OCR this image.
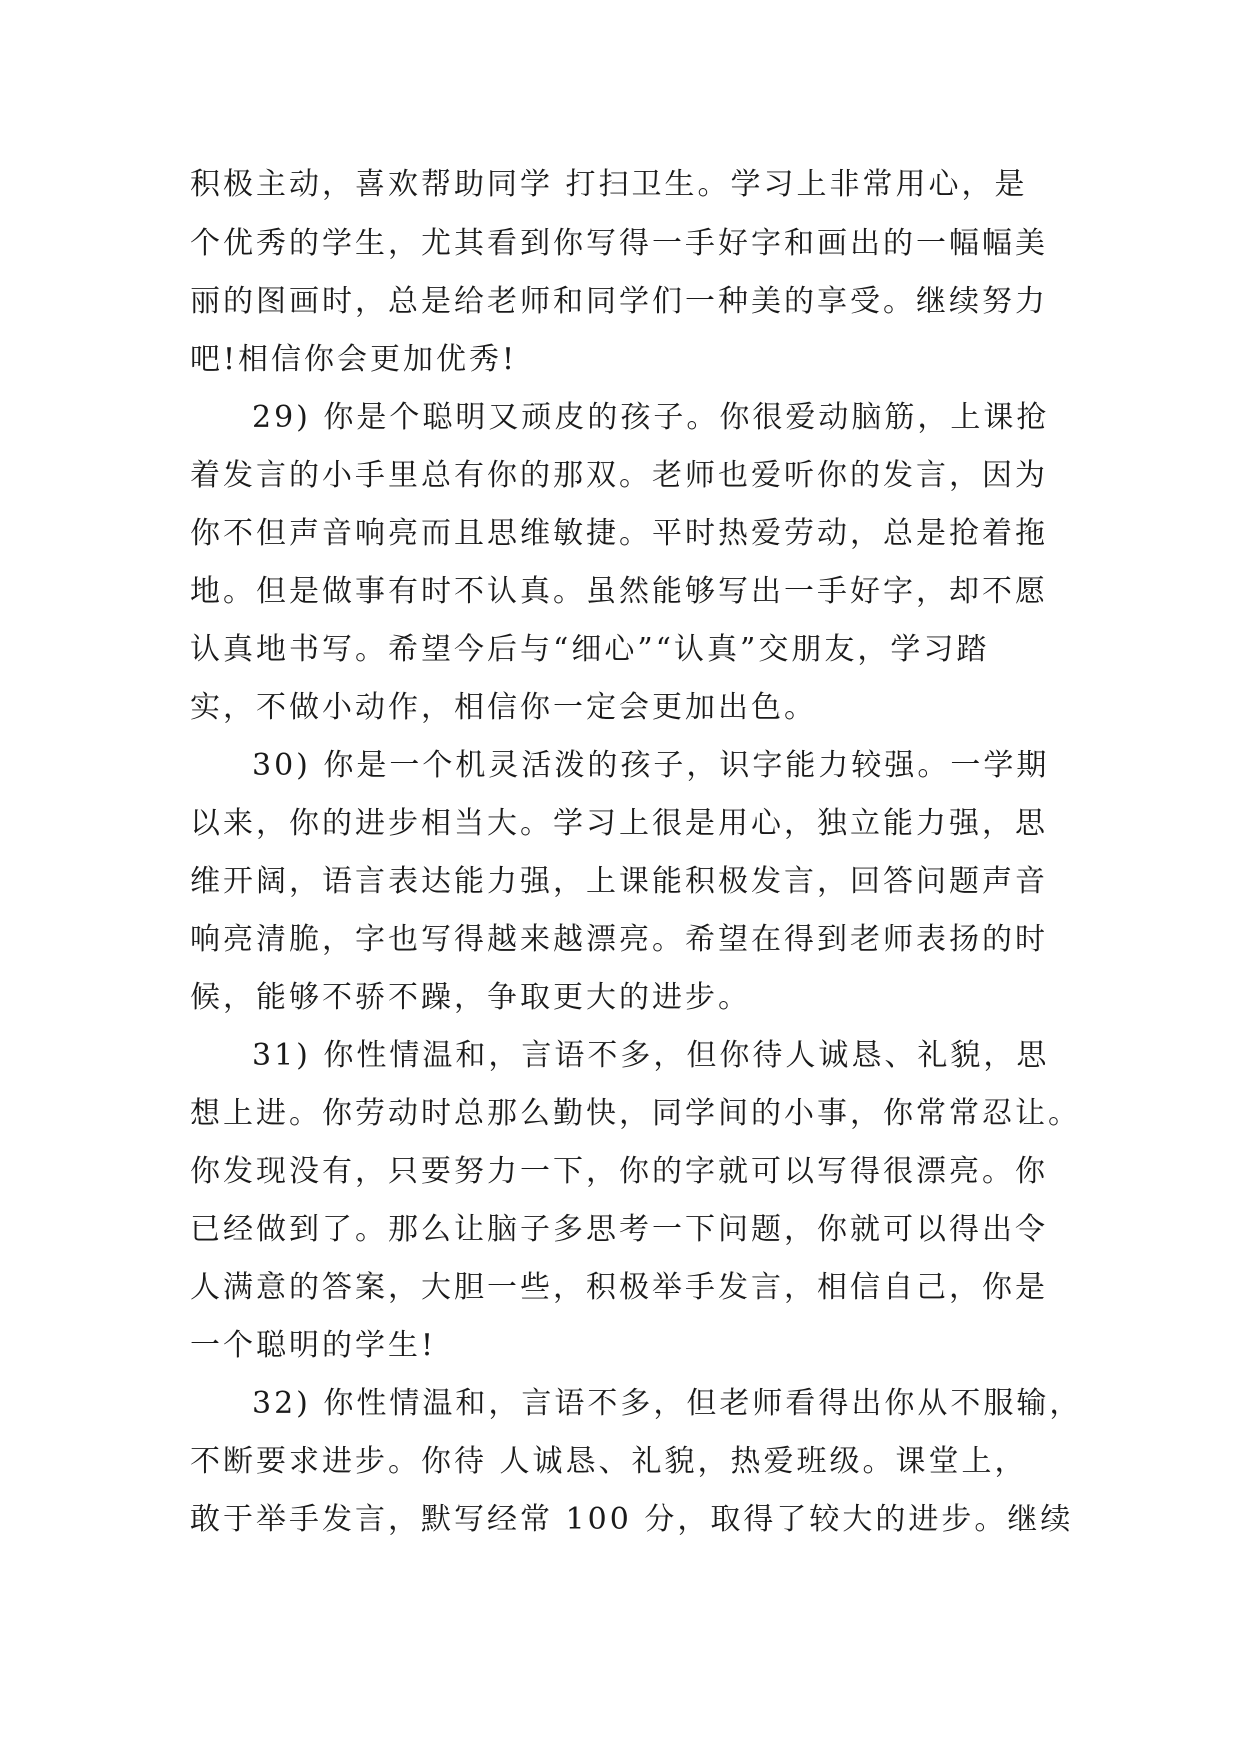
积极主动，喜欢帮助同学 打扫卫生。学习上非常用心，是
个优秀的学生，尤其看到你写得一手好字和画出的一幅幅美
丽的图画时，总是给老师和同学们一种美的享受。继续努力
吧!相信你会更加优秀!
29) 你是个聪明又顽皮的孩子。你很爱动脑筋，上课抢
着发言的小手里总有你的那双。老师也爱听你的发言，因为
你不但声音响亮而且思维敏捷。平时热爱劳动，总是抢着拖
地。但是做事有时不认真。虽然能够写出一手好字，却不愿
认真地书写。希望今后与“细心”“认真”交朋友，学习踏
实，不做小动作，相信你一定会更加出色。
30) 你是一个机灵活泼的孩子，识字能力较强。一学期
以来，你的进步相当大。学习上很是用心，独立能力强，思
维开阔，语言表达能力强，上课能积极发言，回答问题声音
响亮清脆，字也写得越来越漂亮。希望在得到老师表扬的时
候，能够不骄不躁，争取更大的进步。
31) 你性情温和，言语不多，但你待人诚恳、礼貌，思
想上进。你劳动时总那么勤快，同学间的小事，你常常忍让。
你发现没有，只要努力一下，你的字就可以写得很漂亮。你
已经做到了。那么让脑子多思考一下问题，你就可以得出令
人满意的答案，大胆一些，积极举手发言，相信自己，你是
一个聪明的学生!
32) 你性情温和，言语不多，但老师看得出你从不服输，
不断要求进步。你待 人诚恳、礼貌，热爱班级。课堂上，
敢于举手发言，默写经常 100 分，取得了较大的进步。继续
